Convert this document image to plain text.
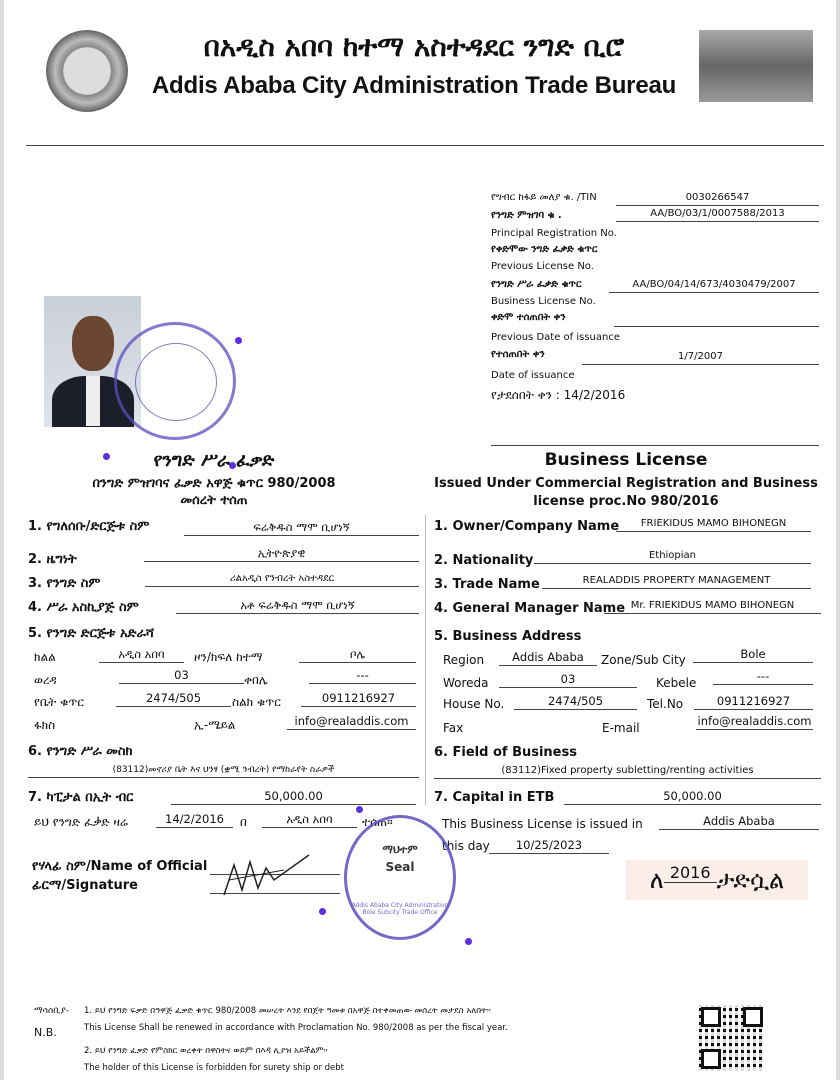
በአዲስ አበባ ከተማ አስተዳደር ንግድ ቢሮ
Addis Ababa City Administration Trade Bureau
የግብር ከፋይ መለያ ቁ. /TIN	0030266547
የንግድ ምዝገባ ቁ .	AA/BO/03/1/0007588/2013
Principal Registration No.
የቀድሞው ንግድ ፈቃድ ቁጥር
Previous License No.
የንግድ ሥራ ፈቃድ ቁጥር	AA/BO/04/14/673/4030479/2007
Business License No.
ቀድሞ ተሰጠበት ቀን
Previous Date of issuance
የተሰጠበት ቀን	1/7/2007
Date of issuance
የታደሰበት ቀን : 14/2/2016
የንግድ ሥራ ፈቃድ
በንግድ ምዝገባና ፈቃድ አዋጅ ቁጥር 980/2008
መሰረት ተሰጠ
Business License
Issued Under Commercial Registration and Business
license proc.No 980/2016
1. የግለሰቡ/ድርጅቱ ስም	ፍሬቅዱስ ማሞ ቢሆነኝ
2. ዜግነት	ኢትዮጵያዊ
3. የንግድ ስም	ሪልአዲስ የንብረት አስተዳደር
4. ሥራ አስኪያጅ ስም	አቶ ፍሬቅዱስ ማሞ ቢሆነኝ
5. የንግድ ድርጅቱ አድራሻ
ክልል	አዲስ አበባ	ዞን/ክፍለ ከተማ	ቦሌ
ወረዳ	03	ቀበሌ	---
የቤት ቁጥር	2474/505	ስልክ ቁጥር	0911216927
ፋክስ	ኢ-ሜይል	info@realaddis.com
6. የንግድ ሥራ መስክ
(83112)መኖሪያ ቤት እና ህንፃ (ቋሚ ንብረት) የማከራየት ስራዎች
7. ካፒታል በኢት ብር	50,000.00
ይህ የንግድ ፈቃድ ዛሬ	14/2/2016	በ	አዲስ አበባ	ተሰጠ።
የሃላፊ ስም/Name of Official
ፊርማ/Signature
1. Owner/Company Name	FRIEKIDUS MAMO BIHONEGN
2. Nationality	Ethiopian
3. Trade Name	REALADDIS PROPERTY MANAGEMENT
4. General Manager Name Mr. FRIEKIDUS MAMO BIHONEGN
5. Business Address
Region	Addis Ababa	Zone/Sub City	Bole
Woreda	03	Kebele	---
House No.	2474/505	Tel.No	0911216927
Fax	E-mail	info@realaddis.com
6. Field of Business
(83112)Fixed property subletting/renting activities
7. Capital in ETB	50,000.00
This Business License is issued in	Addis Ababa
this day	10/25/2023
ማህተም
Seal
Addis Ababa City Administration Bole Subcity Trade Office
ለ $^{2016}$ ታድሷል
ማሳሰቢያ-
N.B.
1. ይህ የንግድ ፍቃድ በዓዋጅ ፈቃድ ቁጥር 980/2008 መሠረት እንደ የበጀት ዓመቱ በአዋጅ በተቀመጠው መሰረት መታደስ አለበት።
This License Shall be renewed in accordance with Proclamation No. 980/2008 as per the fiscal year.
2. ይህ የንግድ ፈቃድ የምስክር ወረቀት በዋስትና ወይም በእዳ ሊያዝ አይችልም።
The holder of this License is forbidden for surety ship or debt
